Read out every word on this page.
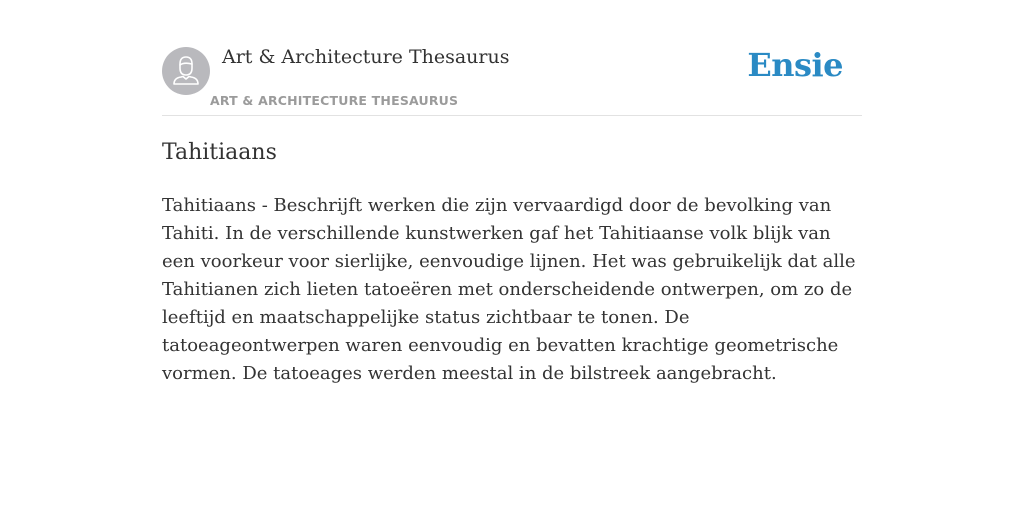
Art & Architecture Thesaurus
ART & ARCHITECTURE THESAURUS
Ensie
Tahitiaans

Tahitiaans - Beschrijft werken die zijn vervaardigd door de bevolking van Tahiti. In de verschillende kunstwerken gaf het Tahitiaanse volk blijk van een voorkeur voor sierlijke, eenvoudige lijnen. Het was gebruikelijk dat alle Tahitianen zich lieten tatoeëren met onderscheidende ontwerpen, om zo de leeftijd en maatschappelijke status zichtbaar te tonen. De tatoeageontwerpen waren eenvoudig en bevatten krachtige geometrische vormen. De tatoeages werden meestal in de bilstreek aangebracht.
